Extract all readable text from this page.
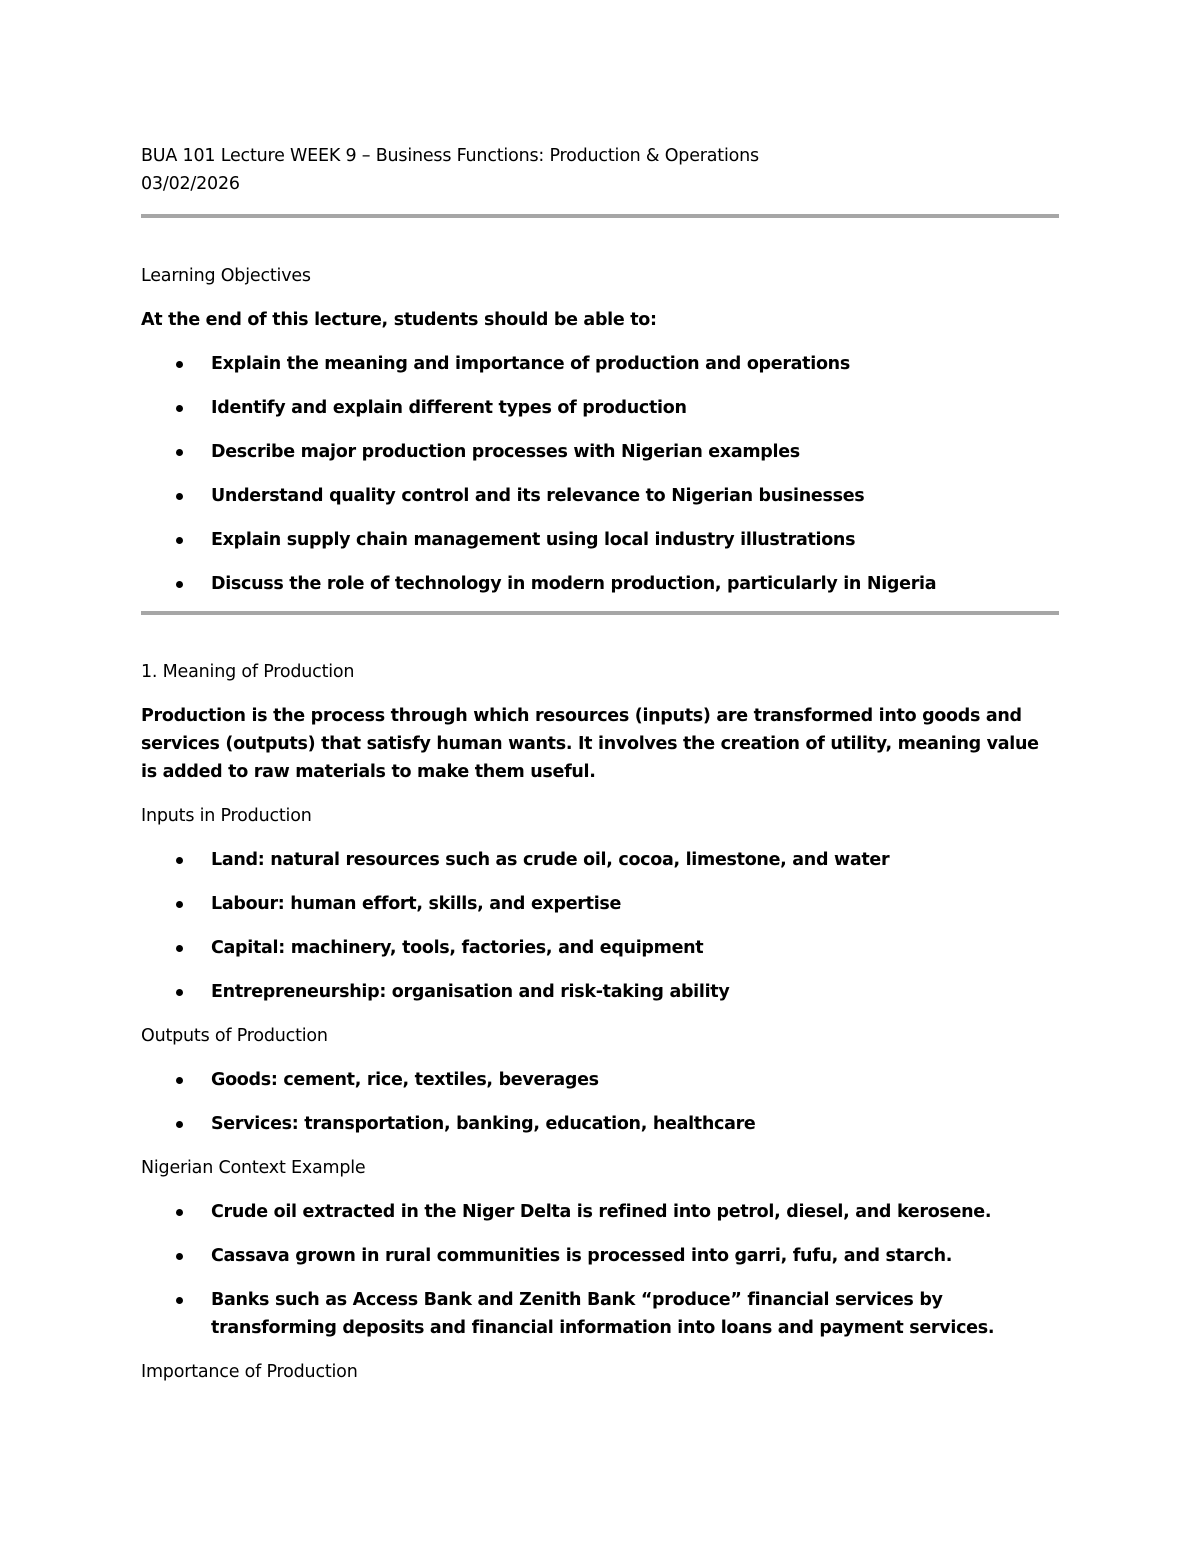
BUA 101 Lecture WEEK 9 – Business Functions: Production & Operations

03/02/2026

Learning Objectives

At the end of this lecture, students should be able to:

Explain the meaning and importance of production and operations
Identify and explain different types of production
Describe major production processes with Nigerian examples
Understand quality control and its relevance to Nigerian businesses
Explain supply chain management using local industry illustrations
Discuss the role of technology in modern production, particularly in Nigeria

1. Meaning of Production

Production is the process through which resources (inputs) are transformed into goods and services (outputs) that satisfy human wants. It involves the creation of utility, meaning value is added to raw materials to make them useful.

Inputs in Production

Land: natural resources such as crude oil, cocoa, limestone, and water
Labour: human effort, skills, and expertise
Capital: machinery, tools, factories, and equipment
Entrepreneurship: organisation and risk-taking ability

Outputs of Production

Goods: cement, rice, textiles, beverages
Services: transportation, banking, education, healthcare

Nigerian Context Example

Crude oil extracted in the Niger Delta is refined into petrol, diesel, and kerosene.
Cassava grown in rural communities is processed into garri, fufu, and starch.
Banks such as Access Bank and Zenith Bank “produce” financial services by transforming deposits and financial information into loans and payment services.

Importance of Production
